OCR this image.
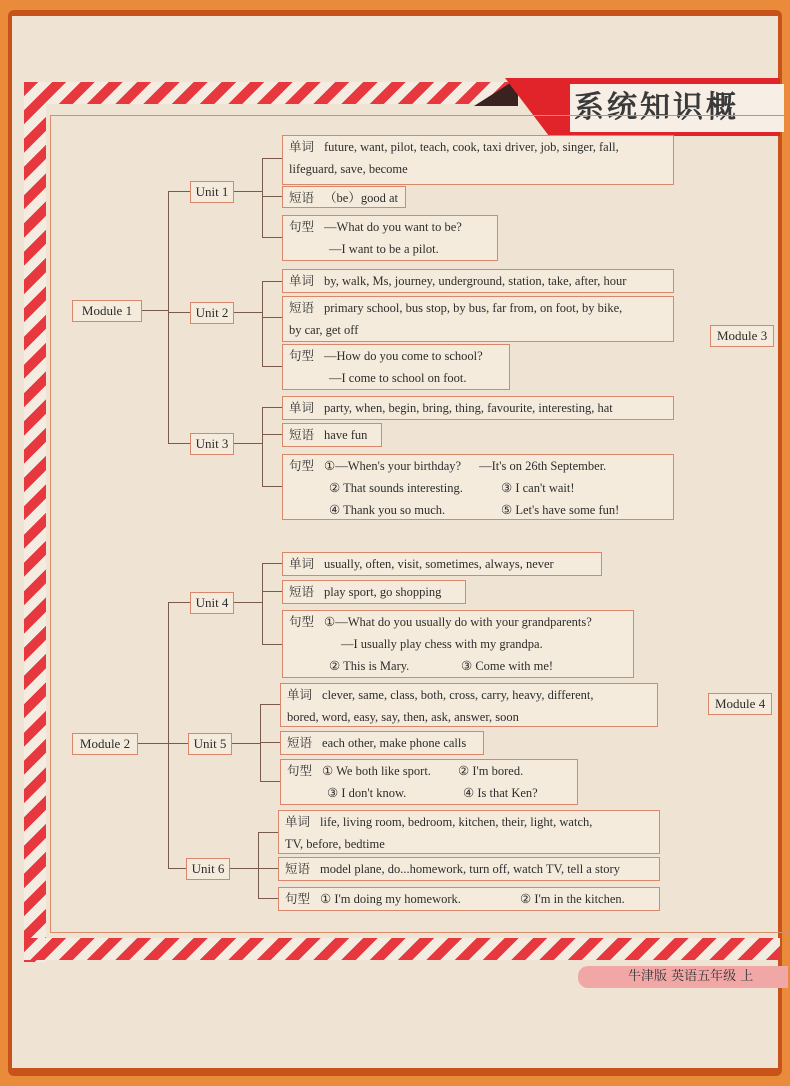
系统知识概
Module 1
Unit 1
Unit 2
Unit 3
Module 2
Unit 4
Unit 5
Unit 6
Module 3
Module 4
单词 future, want, pilot, teach, cook, taxi driver, job, singer, fall,
lifeguard, save, become
短语 （be）good at
句型 —What do you want to be?
—I want to be a pilot.
单词 by, walk, Ms, journey, underground, station, take, after, hour
短语 primary school, bus stop, by bus, far from, on foot, by bike,
by car, get off
句型 —How do you come to school?
—I come to school on foot.
单词 party, when, begin, bring, thing, favourite, interesting, hat
短语 have fun
句型 ①—When's your birthday? —It's on 26th September.
② That sounds interesting.	③ I can't wait!
④ Thank you so much.	⑤ Let's have some fun!
单词 usually, often, visit, sometimes, always, never
短语 play sport, go shopping
句型 ①—What do you usually do with your grandparents?
—I usually play chess with my grandpa.
② This is Mary.	③ Come with me!
单词 clever, same, class, both, cross, carry, heavy, different,
bored, word, easy, say, then, ask, answer, soon
短语 each other, make phone calls
句型 ① We both like sport. ② I'm bored.
③ I don't know.	④ Is that Ken?
单词 life, living room, bedroom, kitchen, their, light, watch,
TV, before, bedtime
短语 model plane, do...homework, turn off, watch TV, tell a story
句型 ① I'm doing my homework.	② I'm in the kitchen.
牛津版 英语五年级 上
